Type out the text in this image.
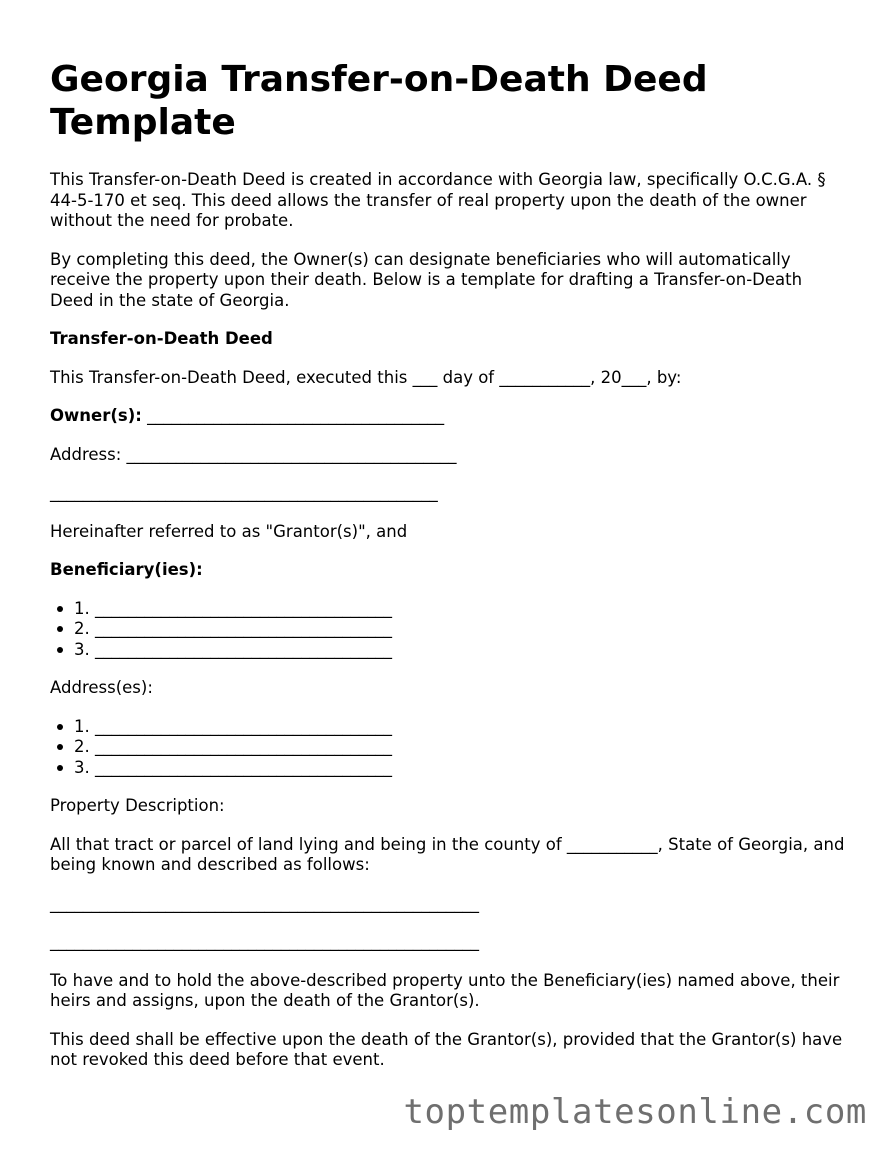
Georgia Transfer-on-Death Deed Template

This Transfer-on-Death Deed is created in accordance with Georgia law, specifically O.C.G.A. § 44-5-170 et seq. This deed allows the transfer of real property upon the death of the owner without the need for probate.

By completing this deed, the Owner(s) can designate beneficiaries who will automatically receive the property upon their death. Below is a template for drafting a Transfer-on-Death Deed in the state of Georgia.

Transfer-on-Death Deed

This Transfer-on-Death Deed, executed this ___ day of ___________, 20___, by:

Owner(s): ____________________________________

Address: ________________________________________

_______________________________________________

Hereinafter referred to as "Grantor(s)", and

Beneficiary(ies):

1. ____________________________________
2. ____________________________________
3. ____________________________________

Address(es):

1. ____________________________________
2. ____________________________________
3. ____________________________________

Property Description:

All that tract or parcel of land lying and being in the county of ___________, State of Georgia, and being known and described as follows:

____________________________________________________

____________________________________________________

To have and to hold the above-described property unto the Beneficiary(ies) named above, their heirs and assigns, upon the death of the Grantor(s).

This deed shall be effective upon the death of the Grantor(s), provided that the Grantor(s) have not revoked this deed before that event.

toptemplatesonline.com
